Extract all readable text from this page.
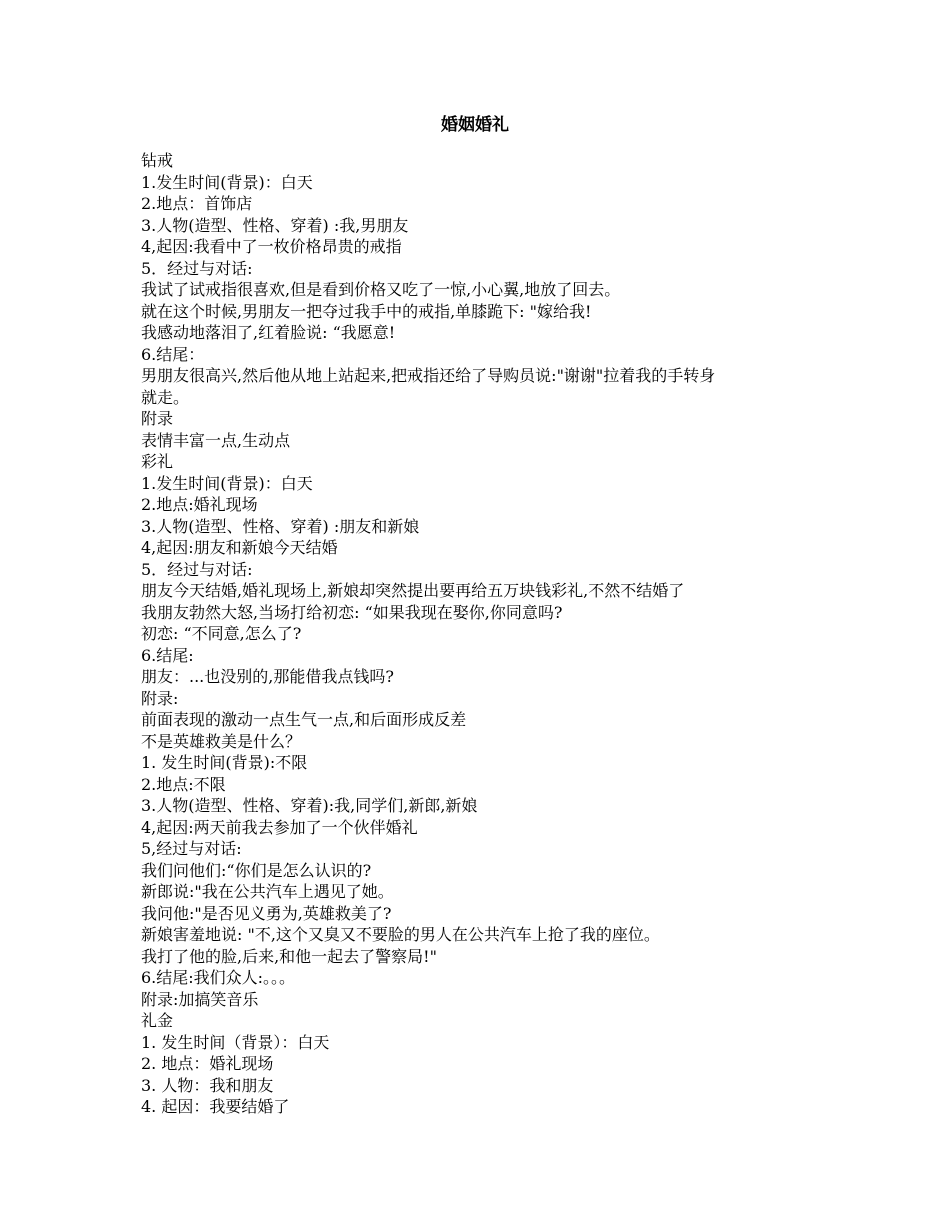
婚姻婚礼
钻戒
1.发生时间(背景)：白天
2.地点：首饰店
3.人物(造型、性格、穿着) :我,男朋友
4,起因:我看中了一枚价格昂贵的戒指
5．经过与对话:
我试了试戒指很喜欢,但是看到价格又吃了一惊,小心翼,地放了回去。
就在这个时候,男朋友一把夺过我手中的戒指,单膝跪下: "嫁给我!
我感动地落泪了,红着脸说: “我愿意!
6.结尾：
男朋友很高兴,然后他从地上站起来,把戒指还给了导购员说:"谢谢"拉着我的手转身
就走。
附录
表情丰富一点,生动点
彩礼
1.发生时间(背景)：白天
2.地点:婚礼现场
3.人物(造型、性格、穿着) :朋友和新娘
4,起因:朋友和新娘今天结婚
5．经过与对话:
朋友今天结婚,婚礼现场上,新娘却突然提出要再给五万块钱彩礼,不然不结婚了
我朋友勃然大怒,当场打给初恋: “如果我现在娶你,你同意吗?
初恋: “不同意,怎么了?
6.结尾:
朋友：...也没别的,那能借我点钱吗?
附录:
前面表现的激动一点生气一点,和后面形成反差
不是英雄救美是什么？
1. 发生时间(背景):不限
2.地点:不限
3.人物(造型、性格、穿着):我,同学们,新郎,新娘
4,起因:两天前我去参加了一个伙伴婚礼
5,经过与对话:
我们问他们:“你们是怎么认识的?
新郎说:"我在公共汽车上遇见了她。
我问他:"是否见义勇为,英雄救美了?
新娘害羞地说: "不,这个又臭又不要脸的男人在公共汽车上抢了我的座位。
我打了他的脸,后来,和他一起去了警察局!"
6.结尾:我们众人:。。。
附录:加搞笑音乐
礼金
1. 发生时间（背景）：白天
2. 地点：婚礼现场
3. 人物：我和朋友
4. 起因：我要结婚了
